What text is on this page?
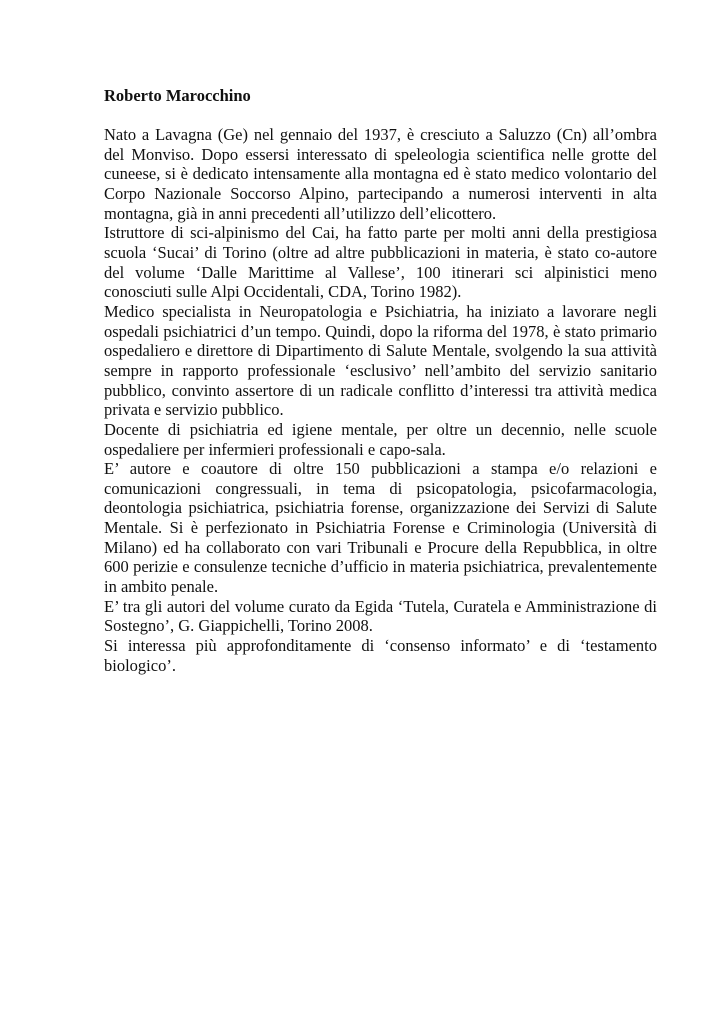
Roberto Marocchino

Nato a Lavagna (Ge) nel gennaio del 1937, è cresciuto a Saluzzo (Cn) all’ombra del Monviso. Dopo essersi interessato di speleologia scientifica nelle grotte del cuneese, si è dedicato intensamente alla montagna ed è stato medico volontario del Corpo Nazionale Soccorso Alpino, partecipando a numerosi interventi in alta montagna, già in anni precedenti all’utilizzo dell’elicottero.

Istruttore di sci-alpinismo del Cai, ha fatto parte per molti anni della prestigiosa scuola ‘Sucai’ di Torino (oltre ad altre pubblicazioni in materia, è stato co-autore del volume ‘Dalle Marittime al Vallese’, 100 itinerari sci alpinistici meno conosciuti sulle Alpi Occidentali, CDA, Torino 1982).

Medico specialista in Neuropatologia e Psichiatria, ha iniziato a lavorare negli ospedali psichiatrici d’un tempo. Quindi, dopo la riforma del 1978, è stato primario ospedaliero e direttore di Dipartimento di Salute Mentale, svolgendo la sua attività sempre in rapporto professionale ‘esclusivo’ nell’ambito del servizio sanitario pubblico, convinto assertore di un radicale conflitto d’interessi tra attività medica privata e servizio pubblico.

Docente di psichiatria ed igiene mentale, per oltre un decennio, nelle scuole ospedaliere per infermieri professionali e capo-sala.

E’ autore e coautore di oltre 150 pubblicazioni a stampa e/o relazioni e comunicazioni congressuali, in tema di psicopatologia, psicofarmacologia, deontologia psichiatrica, psichiatria forense, organizzazione dei Servizi di Salute Mentale. Si è perfezionato in Psichiatria Forense e Criminologia (Università di Milano) ed ha collaborato con vari Tribunali e Procure della Repubblica, in oltre 600 perizie e consulenze tecniche d’ufficio in materia psichiatrica, prevalentemente in ambito penale.

E’ tra gli autori del volume curato da Egida ‘Tutela, Curatela e Amministrazione di Sostegno’, G. Giappichelli, Torino 2008.

Si interessa più approfonditamente di ‘consenso informato’ e di ‘testamento biologico’.
